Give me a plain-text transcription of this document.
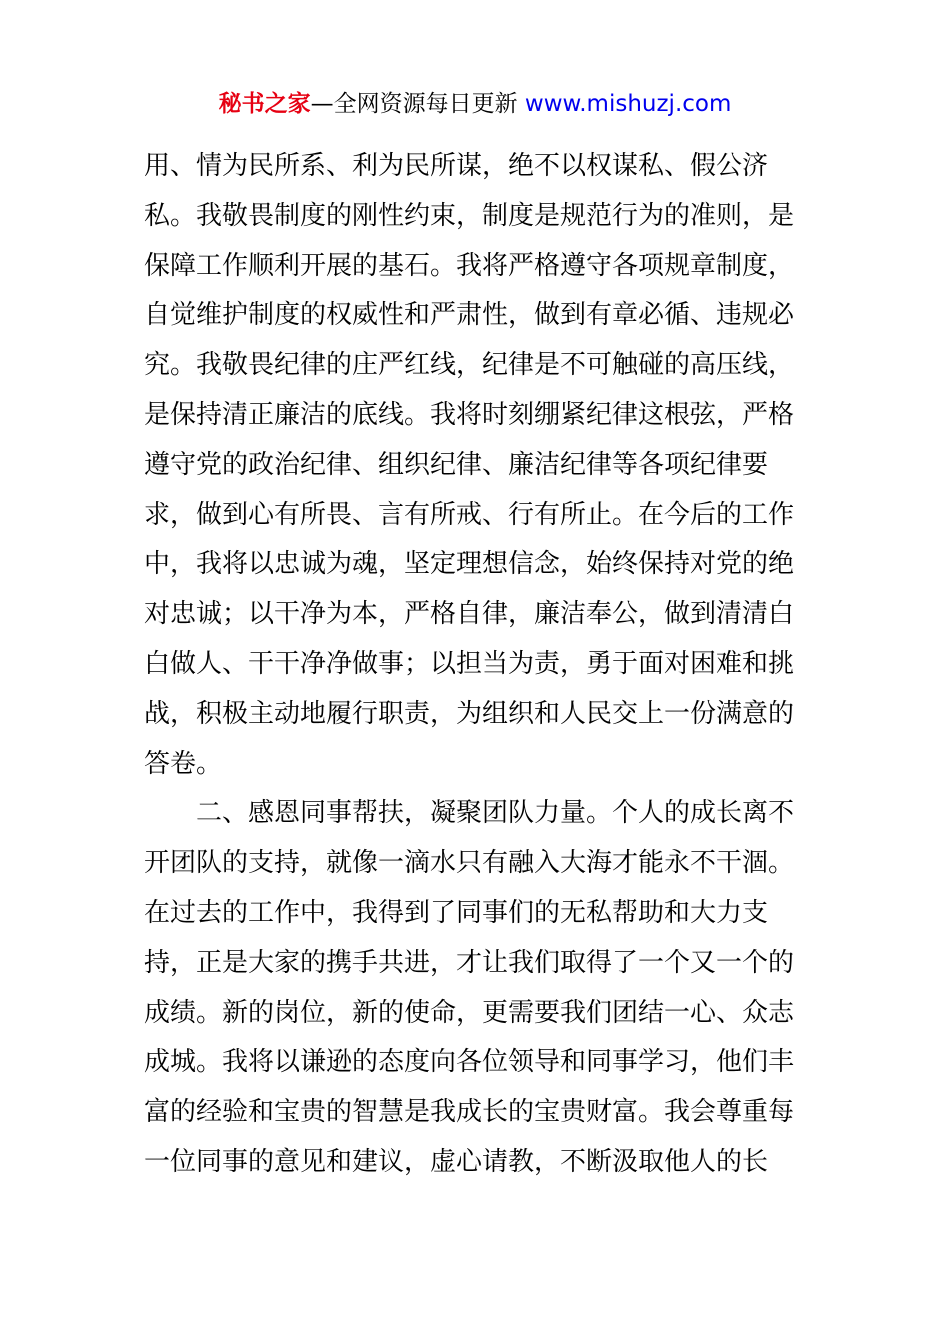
秘书之家—全网资源每日更新 www.mishuzj.com
用、情为民所系、利为民所谋，绝不以权谋私、假公济
私。我敬畏制度的刚性约束，制度是规范行为的准则，是
保障工作顺利开展的基石。我将严格遵守各项规章制度，
自觉维护制度的权威性和严肃性，做到有章必循、违规必
究。我敬畏纪律的庄严红线，纪律是不可触碰的高压线，
是保持清正廉洁的底线。我将时刻绷紧纪律这根弦，严格
遵守党的政治纪律、组织纪律、廉洁纪律等各项纪律要
求，做到心有所畏、言有所戒、行有所止。在今后的工作
中，我将以忠诚为魂，坚定理想信念，始终保持对党的绝
对忠诚；以干净为本，严格自律，廉洁奉公，做到清清白
白做人、干干净净做事；以担当为责，勇于面对困难和挑
战，积极主动地履行职责，为组织和人民交上一份满意的
答卷。
二、感恩同事帮扶，凝聚团队力量。个人的成长离不
开团队的支持，就像一滴水只有融入大海才能永不干涸。
在过去的工作中，我得到了同事们的无私帮助和大力支
持，正是大家的携手共进，才让我们取得了一个又一个的
成绩。新的岗位，新的使命，更需要我们团结一心、众志
成城。我将以谦逊的态度向各位领导和同事学习，他们丰
富的经验和宝贵的智慧是我成长的宝贵财富。我会尊重每
一位同事的意见和建议，虚心请教，不断汲取他人的长
